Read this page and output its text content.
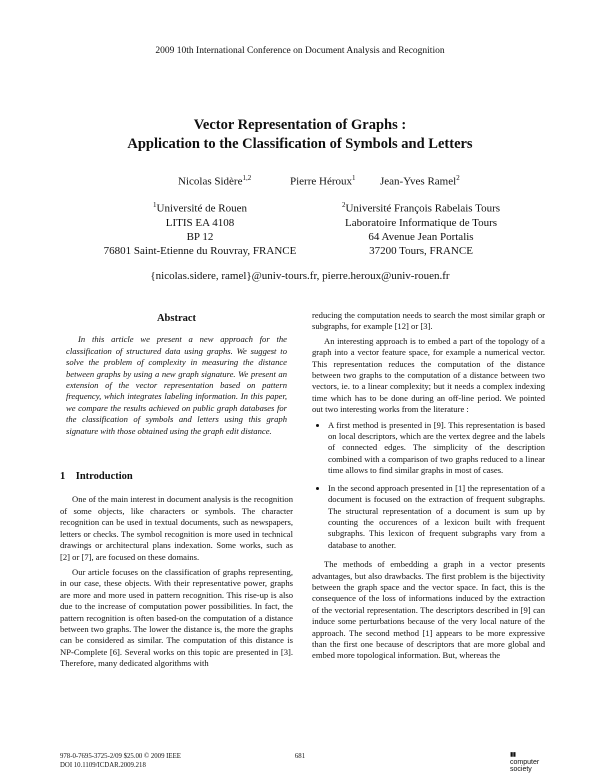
2009 10th International Conference on Document Analysis and Recognition
Vector Representation of Graphs :
Application to the Classification of Symbols and Letters
Nicolas Sidère$^{1,2}$	Pierre Héroux$^1$ Jean-Yves Ramel$^2$
$^1$Université de Rouen
LITIS EA 4108
BP 12
76801 Saint-Etienne du Rouvray, FRANCE
$^2$Université François Rabelais Tours
Laboratoire Informatique de Tours
64 Avenue Jean Portalis
37200 Tours, FRANCE
{nicolas.sidere, ramel}@univ-tours.fr, pierre.heroux@univ-rouen.fr
Abstract

In this article we present a new approach for the classification of structured data using graphs. We suggest to solve the problem of complexity in measuring the distance between graphs by using a new graph signature. We present an extension of the vector representation based on pattern frequency, which integrates labeling information. In this paper, we compare the results achieved on public graph databases for the classification of symbols and letters using this graph signature with those obtained using the graph edit distance.

1 Introduction

One of the main interest in document analysis is the recognition of some objects, like characters or symbols. The character recognition can be used in textual documents, such as newspapers, letters or checks. The symbol recognition is more used in technical drawings or architectural plans indexation. Some works, such as [2] or [7], are focused on these domains.

Our article focuses on the classification of graphs representing, in our case, these objects. With their representative power, graphs are more and more used in pattern recognition. This rise-up is also due to the increase of computation power possibilities. In fact, the pattern recognition is often based-on the computation of a distance between two graphs. The lower the distance is, the more the graphs can be considered as similar. The computation of this distance is NP-Complete [6]. Several works on this topic are presented in [3]. Therefore, many dedicated algorithms with

reducing the computation needs to search the most similar graph or subgraphs, for example [12] or [3].

An interesting approach is to embed a part of the topology of a graph into a vector feature space, for example a numerical vector. This representation reduces the computation of the distance between two graphs to the computation of a distance between two vectors, ie. to a linear complexity; but it needs a complex indexing time which has to be done during an off-line period. We pointed out two interesting works from the literature :

• A first method is presented in [9]. This representation is based on local descriptors, which are the vertex degree and the labels of connected edges. The simplicity of the description combined with a comparison of two graphs reduced to a linear time allows to find similar graphs in most of cases.
• In the second approach presented in [1] the representation of a document is focused on the extraction of frequent subgraphs. The structural representation of a document is sum up by counting the occurences of a lexicon built with frequent subgraphs. This lexicon of frequent subgraphs vary from a database to another.

The methods of embedding a graph in a vector presents advantages, but also drawbacks. The first problem is the bijectivity between the graph space and the vector space. In fact, this is the consequence of the loss of informations induced by the extraction of the vectorial representation. The descriptors described in [9] can induce some perturbations because of the very local nature of the approach. The second method [1] appears to be more expressive than the first one because of descriptors that are more global and embed more topological information. But, whereas the

978-0-7695-3725-2/09 $25.00 © 2009 IEEE
DOI 10.1109/ICDAR.2009.218
681	▮▮
computer
society
